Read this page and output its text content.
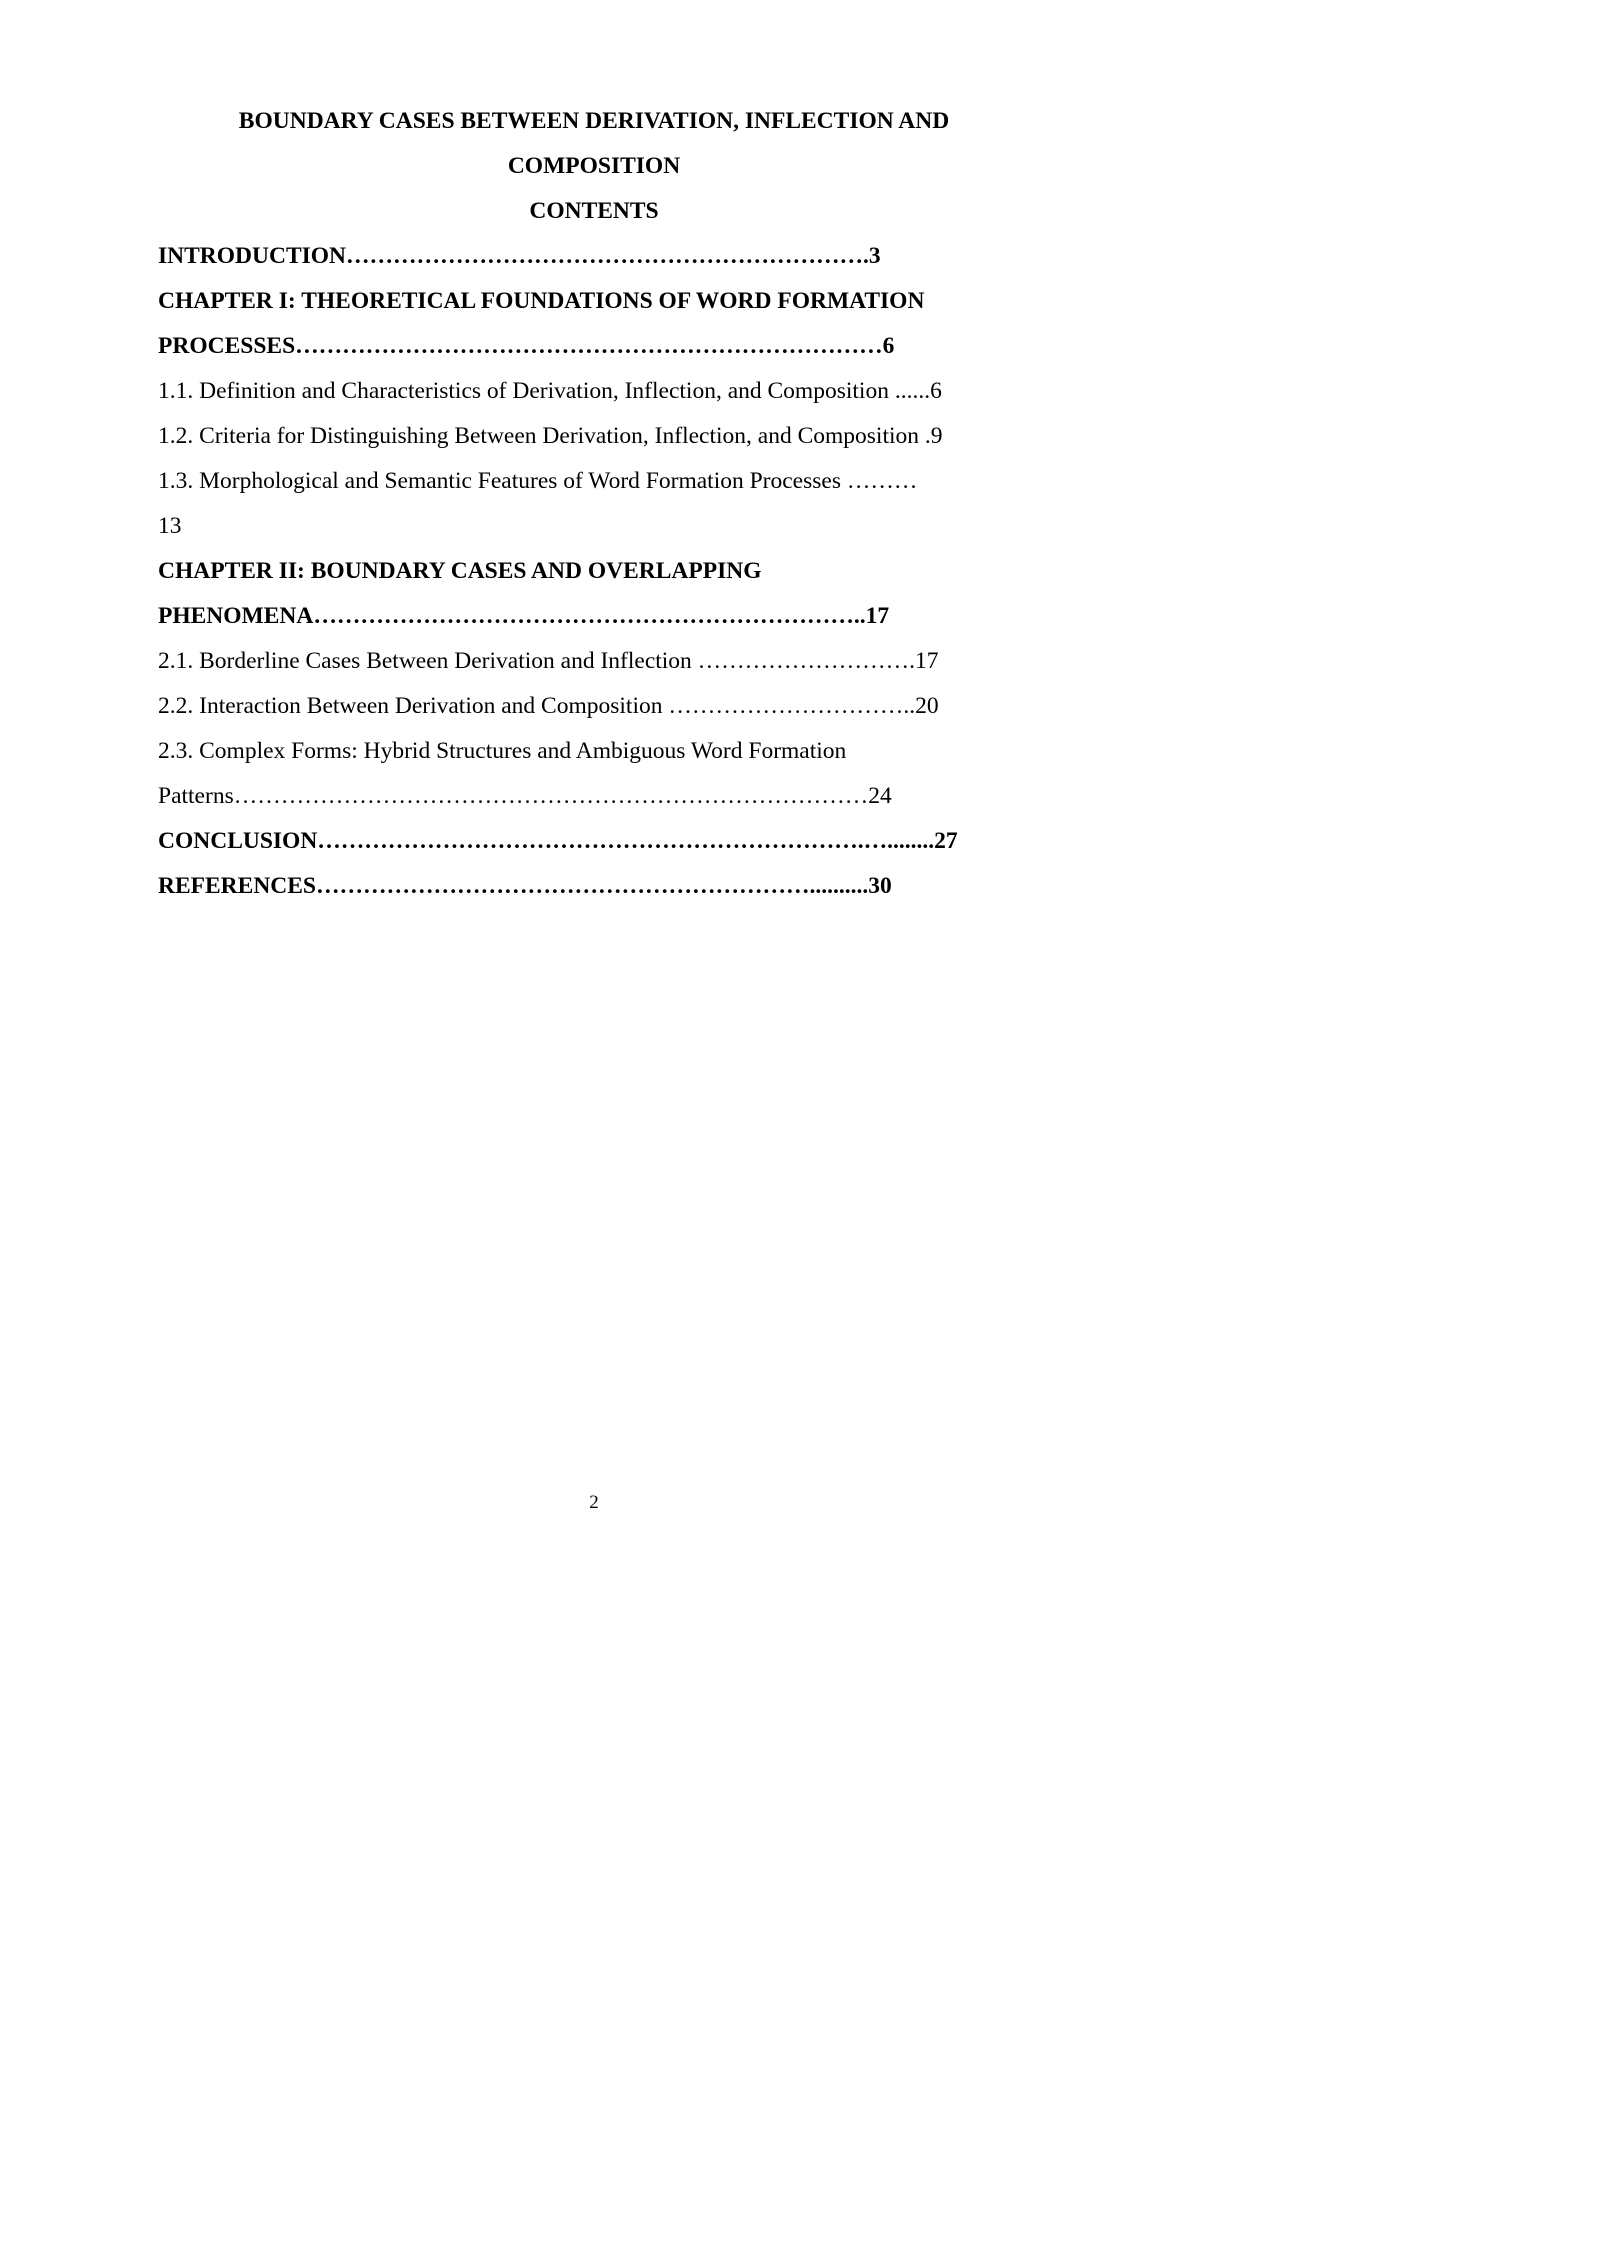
BOUNDARY CASES BETWEEN DERIVATION, INFLECTION AND
COMPOSITION
CONTENTS
INTRODUCTION………………………………………………………….3
CHAPTER I: THEORETICAL FOUNDATIONS OF WORD FORMATION
PROCESSES…………………………………………………………………6
1.1. Definition and Characteristics of Derivation, Inflection, and Composition ......6
1.2. Criteria for Distinguishing Between Derivation, Inflection, and Composition .9
1.3. Morphological and Semantic Features of Word Formation Processes ………
13
CHAPTER II: BOUNDARY CASES AND OVERLAPPING
PHENOMENA……………………………………………………………..17
2.1. Borderline Cases Between Derivation and Inflection ……………………….17
2.2. Interaction Between Derivation and Composition …………………………..20
2.3. Complex Forms: Hybrid Structures and Ambiguous Word Formation
Patterns………………………………………………………………………24
CONCLUSION…………………………………………………………….…........27
REFERENCES………………………………………………………..........30
2
